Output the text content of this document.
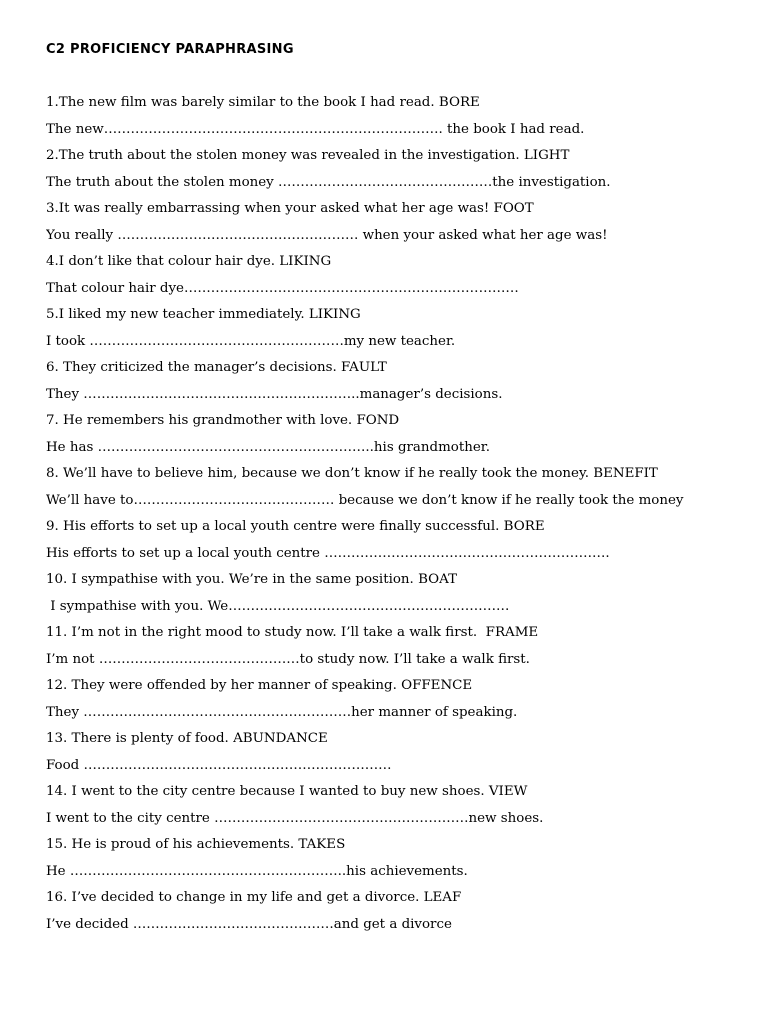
C2 PROFICIENCY PARAPHRASING
1.The new film was barely similar to the book I had read. BORE
The new…………………………………………………………………. the book I had read.
2.The truth about the stolen money was revealed in the investigation. LIGHT
The truth about the stolen money …………………………………………the investigation.
3.It was really embarrassing when your asked what her age was! FOOT
You really ……………………………………………… when your asked what her age was!
4.I don’t like that colour hair dye. LIKING
That colour hair dye…………………………………………………………………
5.I liked my new teacher immediately. LIKING
I took …………………………………………………my new teacher.
6. They criticized the manager’s decisions. FAULT
They ……………………………………………………..manager’s decisions.
7. He remembers his grandmother with love. FOND
He has ……………………………………………………..his grandmother.
8. We’ll have to believe him, because we don’t know if he really took the money. BENEFIT
We’ll have to……………………………………… because we don’t know if he really took the money
9. His efforts to set up a local youth centre were finally successful. BORE
His efforts to set up a local youth centre ……………………………………………………….
10. I sympathise with you. We’re in the same position. BOAT
I sympathise with you. We………………………………………………………
11. I’m not in the right mood to study now. I’ll take a walk first.  FRAME
I’m not ………………………………………to study now. I’ll take a walk first.
12. They were offended by her manner of speaking. OFFENCE
They ……………………………………………………her manner of speaking.
13. There is plenty of food. ABUNDANCE
Food ……………………………………………………………
14. I went to the city centre because I wanted to buy new shoes. VIEW
I went to the city centre …………………………………………………new shoes.
15. He is proud of his achievements. TAKES
He ……………………………………………………..his achievements.
16. I’ve decided to change in my life and get a divorce. LEAF
I’ve decided ………………………………………and get a divorce
